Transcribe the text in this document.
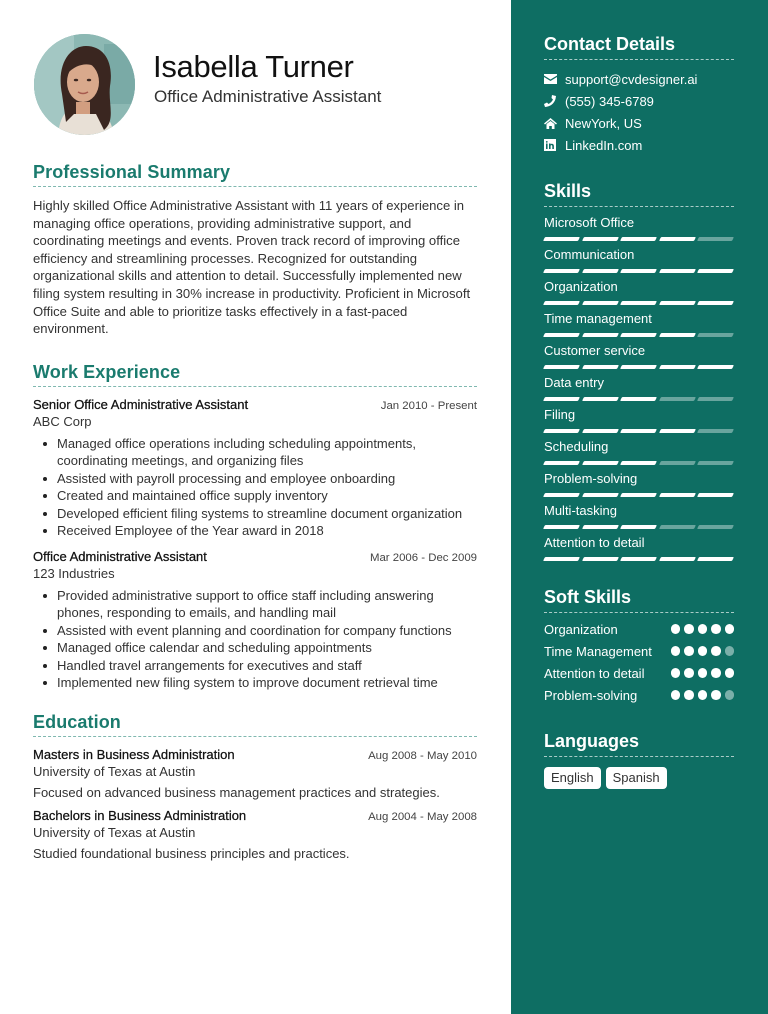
Isabella Turner
Office Administrative Assistant
Professional Summary

Highly skilled Office Administrative Assistant with 11 years of experience in managing office operations, providing administrative support, and coordinating meetings and events. Proven track record of improving office efficiency and streamlining processes. Recognized for outstanding organizational skills and attention to detail. Successfully implemented new filing system resulting in 30% increase in productivity. Proficient in Microsoft Office Suite and able to prioritize tasks effectively in a fast-paced environment.

Work Experience
Senior Office Administrative Assistant	Jan 2010 - Present
ABC Corp
Managed office operations including scheduling appointments, coordinating meetings, and organizing files
Assisted with payroll processing and employee onboarding
Created and maintained office supply inventory
Developed efficient filing systems to streamline document organization
Received Employee of the Year award in 2018
Office Administrative Assistant	Mar 2006 - Dec 2009
123 Industries
Provided administrative support to office staff including answering phones, responding to emails, and handling mail
Assisted with event planning and coordination for company functions
Managed office calendar and scheduling appointments
Handled travel arrangements for executives and staff
Implemented new filing system to improve document retrieval time
Education
Masters in Business Administration	Aug 2008 - May 2010
University of Texas at Austin
Focused on advanced business management practices and strategies.
Bachelors in Business Administration	Aug 2004 - May 2008
University of Texas at Austin
Studied foundational business principles and practices.
Contact Details
support@cvdesigner.ai
(555) 345-6789
NewYork, US
LinkedIn.com
Skills
Microsoft Office
Communication
Organization
Time management
Customer service
Data entry
Filing
Scheduling
Problem-solving
Multi-tasking
Attention to detail
Soft Skills
Organization
Time Management
Attention to detail
Problem-solving
Languages
English	Spanish
